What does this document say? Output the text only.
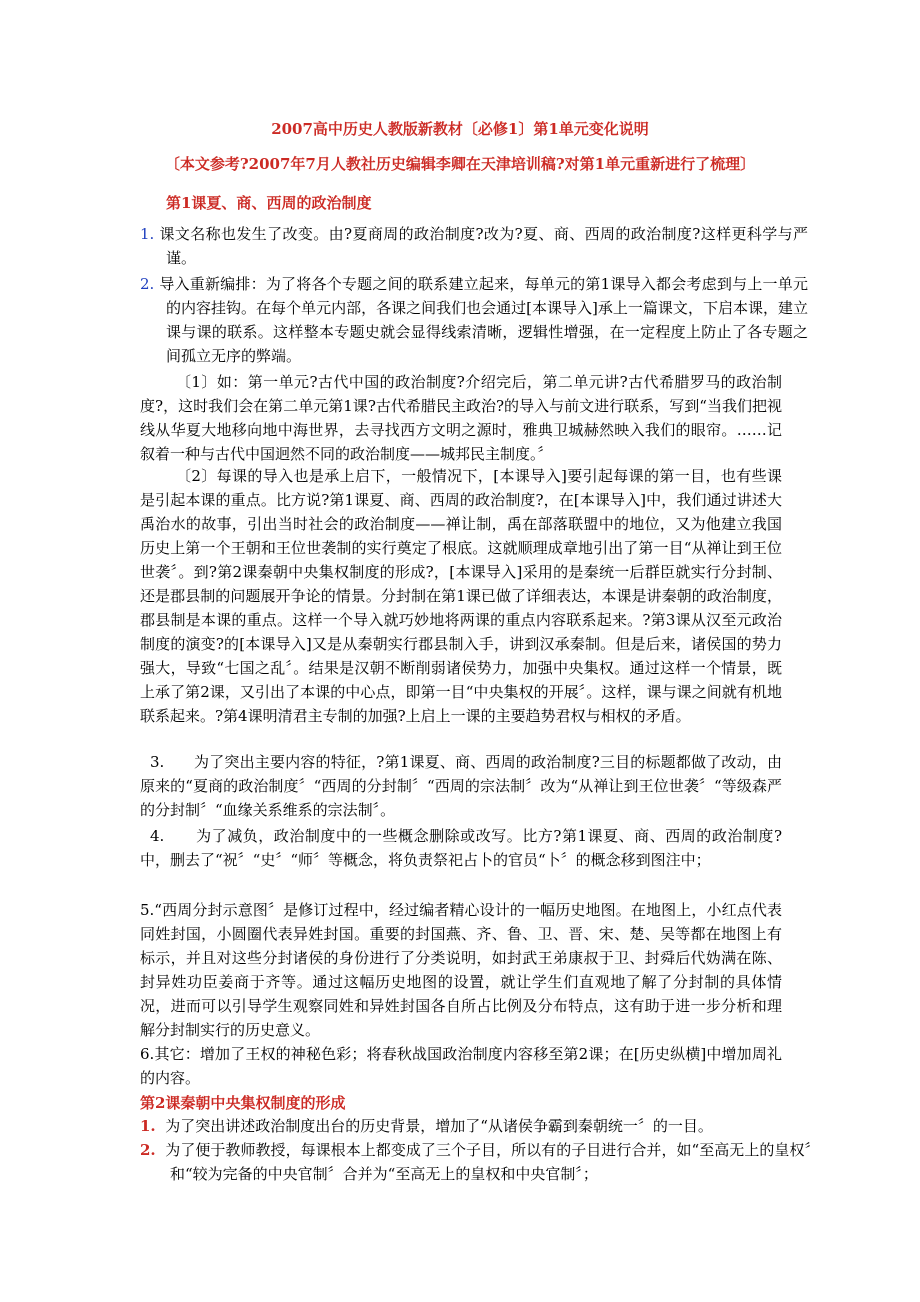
2007高中历史人教版新教材〔必修1〕第1单元变化说明
〔本文参考?2007年7月人教社历史编辑李卿在天津培训稿?对第1单元重新进行了梳理〕
第1课夏、商、西周的政治制度

1. 课文名称也发生了改变。由?夏商周的政治制度?改为?夏、商、西周的政治制度?这样更科学与严谨。

2. 导入重新编排：为了将各个专题之间的联系建立起来，每单元的第1课导入都会考虑到与上一单元的内容挂钩。在每个单元内部，各课之间我们也会通过[本课导入]承上一篇课文，下启本课，建立课与课的联系。这样整本专题史就会显得线索清晰，逻辑性增强，在一定程度上防止了各专题之间孤立无序的弊端。

〔1〕如：第一单元?古代中国的政治制度?介绍完后，第二单元讲?古代希腊罗马的政治制度?，这时我们会在第二单元第1课?古代希腊民主政治?的导入与前文进行联系，写到“当我们把视线从华夏大地移向地中海世界，去寻找西方文明之源时，雅典卫城赫然映入我们的眼帘。……记叙着一种与古代中国迥然不同的政治制度——城邦民主制度。〞

〔2〕每课的导入也是承上启下，一般情况下，[本课导入]要引起每课的第一目，也有些课是引起本课的重点。比方说?第1课夏、商、西周的政治制度?，在[本课导入]中，我们通过讲述大禹治水的故事，引出当时社会的政治制度——禅让制，禹在部落联盟中的地位，又为他建立我国历史上第一个王朝和王位世袭制的实行奠定了根底。这就顺理成章地引出了第一目“从禅让到王位世袭〞。到?第2课秦朝中央集权制度的形成?，[本课导入]采用的是秦统一后群臣就实行分封制、还是郡县制的问题展开争论的情景。分封制在第1课已做了详细表达，本课是讲秦朝的政治制度，郡县制是本课的重点。这样一个导入就巧妙地将两课的重点内容联系起来。?第3课从汉至元政治制度的演变?的[本课导入]又是从秦朝实行郡县制入手，讲到汉承秦制。但是后来，诸侯国的势力强大，导致“七国之乱〞。结果是汉朝不断削弱诸侯势力，加强中央集权。通过这样一个情景，既上承了第2课，又引出了本课的中心点，即第一目“中央集权的开展〞。这样，课与课之间就有机地联系起来。?第4课明清君主专制的加强?上启上一课的主要趋势君权与相权的矛盾。

3. 为了突出主要内容的特征，?第1课夏、商、西周的政治制度?三目的标题都做了改动，由原来的“夏商的政治制度〞“西周的分封制〞“西周的宗法制〞改为“从禅让到王位世袭〞“等级森严的分封制〞“血缘关系维系的宗法制〞。

4. 为了减负，政治制度中的一些概念删除或改写。比方?第1课夏、商、西周的政治制度?中，删去了“祝〞“史〞“师〞等概念，将负责祭祀占卜的官员“卜〞的概念移到图注中；

5.“西周分封示意图〞是修订过程中，经过编者精心设计的一幅历史地图。在地图上，小红点代表同姓封国，小圆圈代表异姓封国。重要的封国燕、齐、鲁、卫、晋、宋、楚、吴等都在地图上有标示，并且对这些分封诸侯的身份进行了分类说明，如封武王弟康叔于卫、封舜后代妫满在陈、封异姓功臣姜商于齐等。通过这幅历史地图的设置，就让学生们直观地了解了分封制的具体情况，进而可以引导学生观察同姓和异姓封国各自所占比例及分布特点，这有助于进一步分析和理解分封制实行的历史意义。

6.其它：增加了王权的神秘色彩；将春秋战国政治制度内容移至第2课；在[历史纵横]中增加周礼的内容。

第2课秦朝中央集权制度的形成

1. 为了突出讲述政治制度出台的历史背景，增加了“从诸侯争霸到秦朝统一〞的一目。

2. 为了便于教师教授，每课根本上都变成了三个子目，所以有的子目进行合并，如“至高无上的皇权〞和“较为完备的中央官制〞合并为“至高无上的皇权和中央官制〞；
